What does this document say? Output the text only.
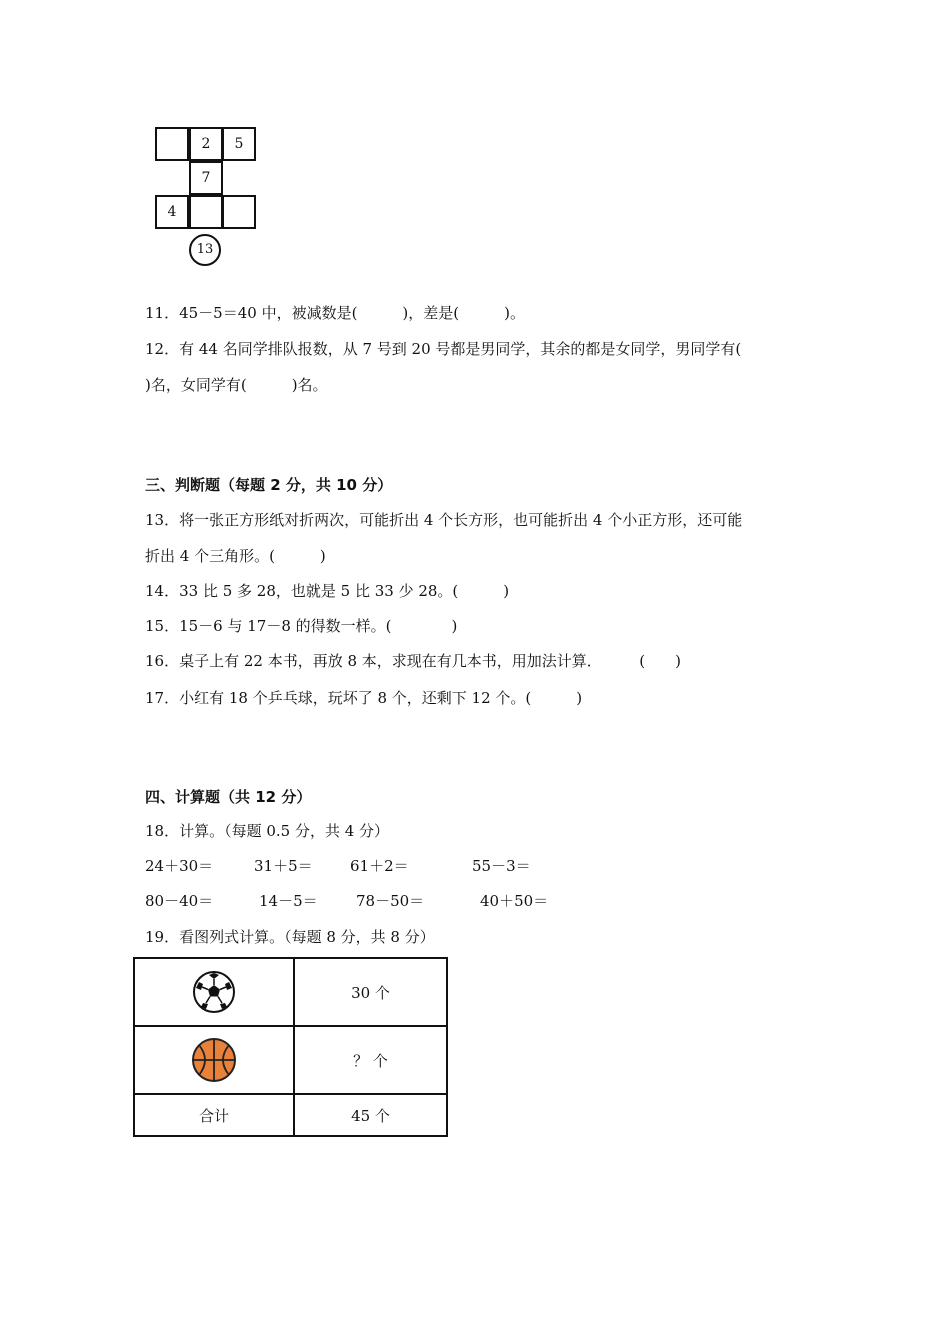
2	5
7
4
13
11．45－5＝40 中，被减数是(　　　)，差是(　　　)。
12．有 44 名同学排队报数，从 7 号到 20 号都是男同学，其余的都是女同学，男同学有(
)名，女同学有(　　　)名。
三、判断题（每题 2 分，共 10 分）
13．将一张正方形纸对折两次，可能折出 4 个长方形，也可能折出 4 个小正方形，还可能
折出 4 个三角形。(　　　)
14．33 比 5 多 28，也就是 5 比 33 少 28。(　　　)
15．15－6 与 17－8 的得数一样。(　　　　)
16．桌子上有 22 本书，再放 8 本，求现在有几本书，用加法计算．　　　(　　)
17．小红有 18 个乒乓球，玩坏了 8 个，还剩下 12 个。(　　　)
四、计算题（共 12 分）
18．计算。（每题 0.5 分，共 4 分）
24＋30＝	31＋5＝ 61＋2＝	55－3＝
80－40＝	14－5＝	78－50＝	40＋50＝
19．看图列式计算。（每题 8 分，共 8 分）
	30 个

	？ 个
合计	45 个
